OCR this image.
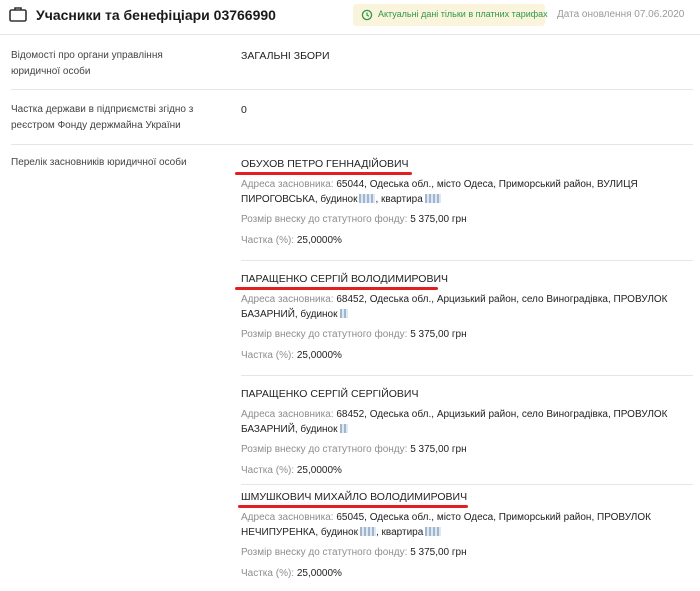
Учасники та бенефіціари 03766990	Актуальні дані тільки в платних тарифах Дата оновлення 07.06.2020
Відомості про органи управління
юридичної особи
ЗАГАЛЬНІ ЗБОРИ
Частка держави в підприємстві згідно з
реєстром Фонду держмайна України
0
Перелік засновників юридичної особи	ОБУХОВ ПЕТРО ГЕННАДІЙОВИЧ
Адреса засновника: 65044, Одеська обл., місто Одеса, Приморський район, ВУЛИЦЯ
ПИРОГОВСЬКА, будинок , квартира
Розмір внеску до статутного фонду: 5 375,00 грн
Частка (%): 25,0000%
ПАРАЩЕНКО СЕРГІЙ ВОЛОДИМИРОВИЧ
Адреса засновника: 68452, Одеська обл., Арцизький район, село Виноградівка, ПРОВУЛОК
БАЗАРНИЙ, будинок
Розмір внеску до статутного фонду: 5 375,00 грн
Частка (%): 25,0000%
ПАРАЩЕНКО СЕРГІЙ СЕРГІЙОВИЧ
Адреса засновника: 68452, Одеська обл., Арцизький район, село Виноградівка, ПРОВУЛОК
БАЗАРНИЙ, будинок
Розмір внеску до статутного фонду: 5 375,00 грн
Частка (%): 25,0000%
ШМУШКОВИЧ МИХАЙЛО ВОЛОДИМИРОВИЧ
Адреса засновника: 65045, Одеська обл., місто Одеса, Приморський район, ПРОВУЛОК
НЕЧИПУРЕНКА, будинок , квартира
Розмір внеску до статутного фонду: 5 375,00 грн
Частка (%): 25,0000%
